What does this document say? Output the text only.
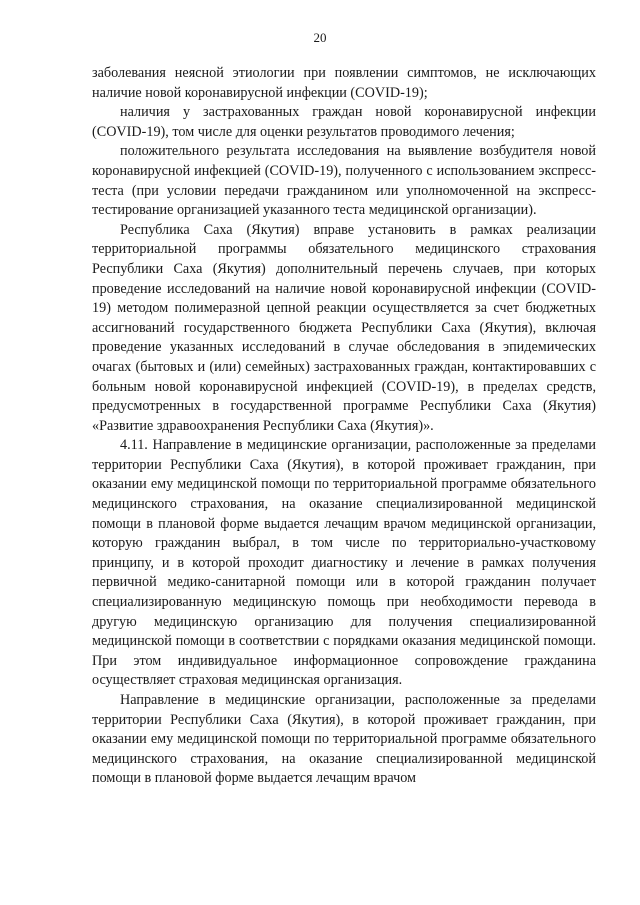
20

заболевания неясной этиологии при появлении симптомов, не исключающих наличие новой коронавирусной инфекции (COVID-19);

наличия у застрахованных граждан новой коронавирусной инфекции (COVID-19), том числе для оценки результатов проводимого лечения;

положительного результата исследования на выявление возбудителя новой коронавирусной инфекцией (COVID-19), полученного с использованием экспресс-теста (при условии передачи гражданином или уполномоченной на экспресс-тестирование организацией указанного теста медицинской организации).

Республика Саха (Якутия) вправе установить в рамках реализации территориальной программы обязательного медицинского страхования Республики Саха (Якутия) дополнительный перечень случаев, при которых проведение исследований на наличие новой коронавирусной инфекции (COVID-19) методом полимеразной цепной реакции осуществляется за счет бюджетных ассигнований государственного бюджета Республики Саха (Якутия), включая проведение указанных исследований в случае обследования в эпидемических очагах (бытовых и (или) семейных) застрахованных граждан, контактировавших с больным новой коронавирусной инфекцией (COVID-19), в пределах средств, предусмотренных в государственной программе Республики Саха (Якутия) «Развитие здравоохранения Республики Саха (Якутия)».

4.11. Направление в медицинские организации, расположенные за пределами территории Республики Саха (Якутия), в которой проживает гражданин, при оказании ему медицинской помощи по территориальной программе обязательного медицинского страхования, на оказание специализированной медицинской помощи в плановой форме выдается лечащим врачом медицинской организации, которую гражданин выбрал, в том числе по территориально-участковому принципу, и в которой проходит диагностику и лечение в рамках получения первичной медико-санитарной помощи или в которой гражданин получает специализированную медицинскую помощь при необходимости перевода в другую медицинскую организацию для получения специализированной медицинской помощи в соответствии с порядками оказания медицинской помощи. При этом индивидуальное информационное сопровождение гражданина осуществляет страховая медицинская организация.

Направление в медицинские организации, расположенные за пределами территории Республики Саха (Якутия), в которой проживает гражданин, при оказании ему медицинской помощи по территориальной программе обязательного медицинского страхования, на оказание специализированной медицинской помощи в плановой форме выдается лечащим врачом
